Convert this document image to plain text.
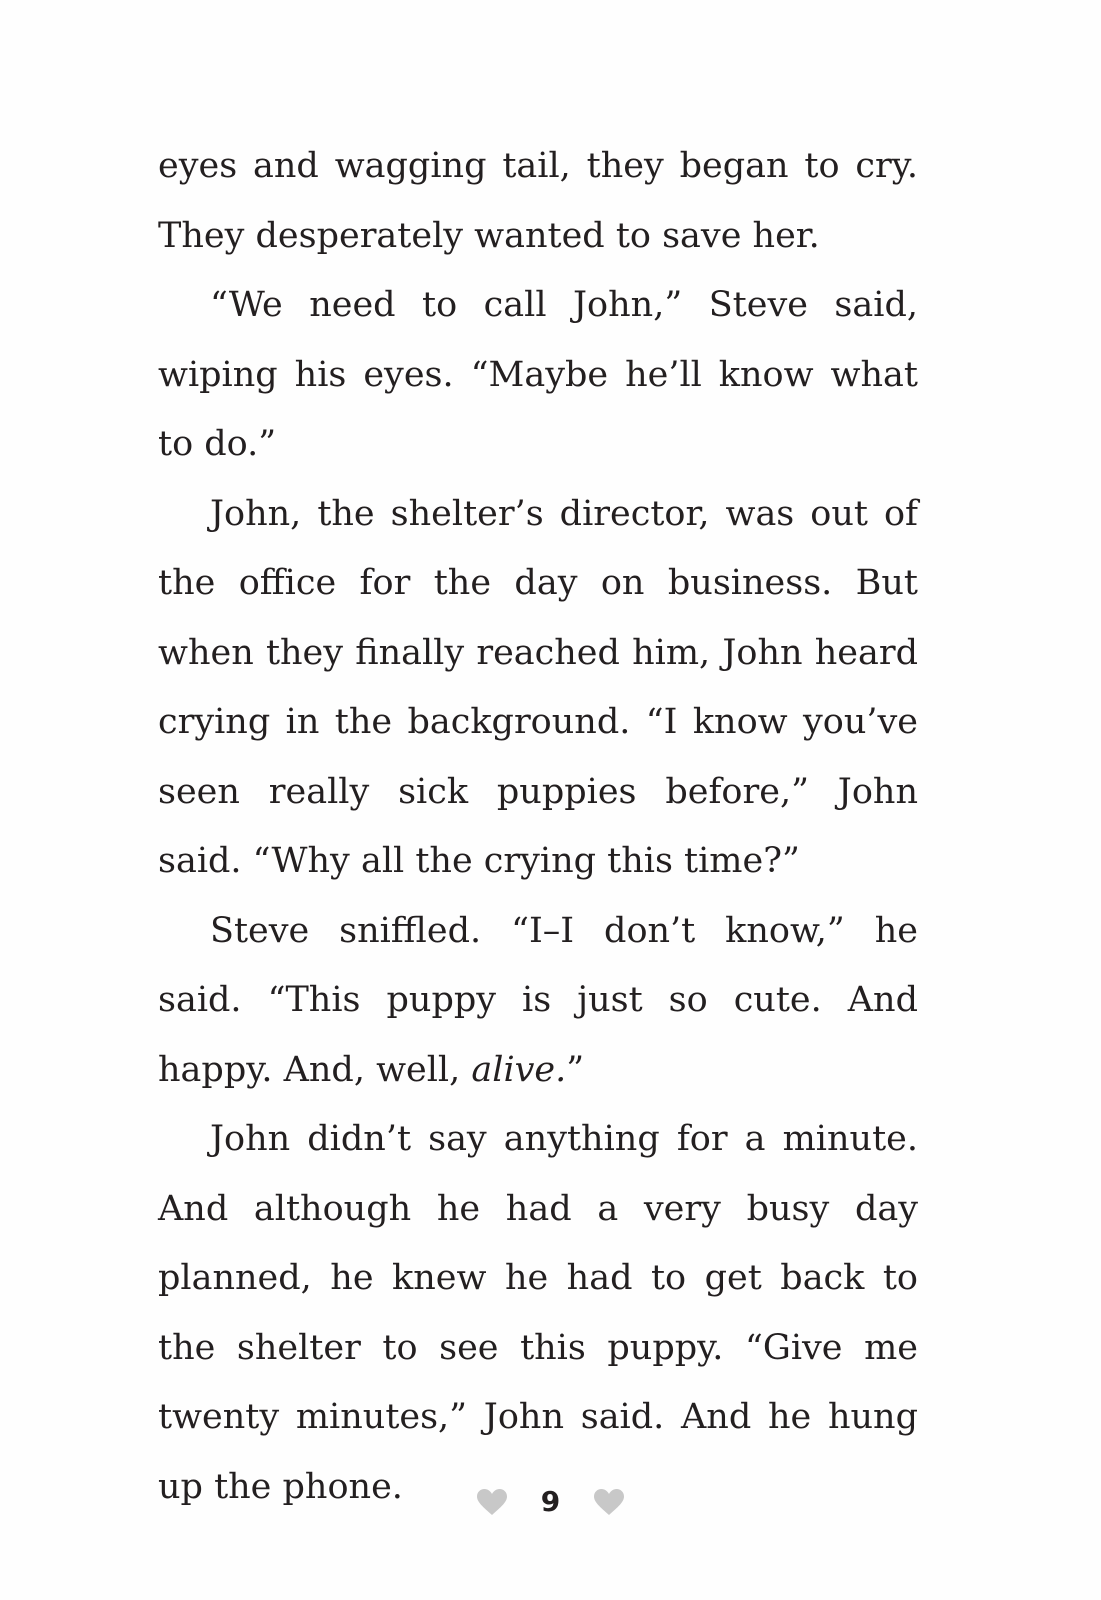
eyes and wagging tail, they began to cry. They desperately wanted to save her.

“We need to call John,” Steve said, wiping his eyes. “Maybe he’ll know what to do.”

John, the shelter’s director, was out of the office for the day on business. But when they finally reached him, John heard crying in the background. “I know you’ve seen really sick puppies before,” John said. “Why all the crying this time?”

Steve sniffled. “I–I don’t know,” he said. “This puppy is just so cute. And happy. And, well, alive.”

John didn’t say anything for a minute. And although he had a very busy day planned, he knew he had to get back to the shelter to see this puppy. “Give me twenty minutes,” John said. And he hung up the phone.	9
